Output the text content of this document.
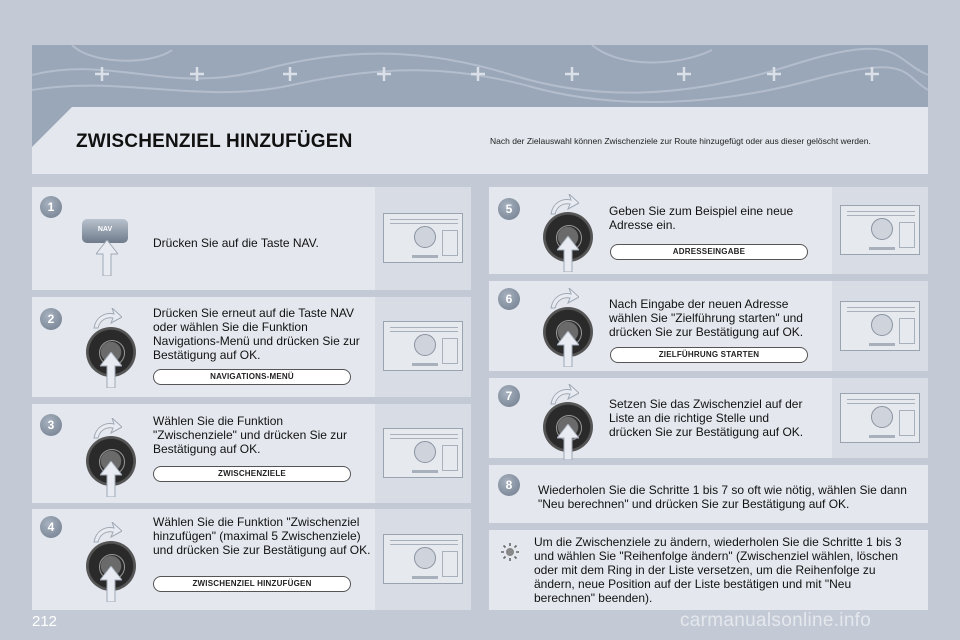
ZWISCHENZIEL HINZUFÜGEN	Nach der Zielauswahl können Zwischenziele zur Route hinzugefügt oder aus dieser gelöscht werden.
1
NAV
Drücken Sie auf die Taste NAV.
2	Drücken Sie erneut auf die Taste NAV oder wählen Sie die Funktion Navigations-Menü und drücken Sie zur Bestätigung auf OK.
NAVIGATIONS-MENÜ
3	Wählen Sie die Funktion "Zwischenziele" und drücken Sie zur Bestätigung auf OK.
ZWISCHENZIELE
4	Wählen Sie die Funktion "Zwischenziel hinzufügen" (maximal 5 Zwischenziele) und drücken Sie zur Bestätigung auf OK.
ZWISCHENZIEL HINZUFÜGEN
5	Geben Sie zum Beispiel eine neue Adresse ein.
ADRESSEINGABE
6	Nach Eingabe der neuen Adresse wählen Sie "Zielführung starten" und drücken Sie zur Bestätigung auf OK.
ZIELFÜHRUNG STARTEN
7
Setzen Sie das Zwischenziel auf der Liste an die richtige Stelle und drücken Sie zur Bestätigung auf OK.
8	Wiederholen Sie die Schritte 1 bis 7 so oft wie nötig, wählen Sie dann "Neu berechnen" und drücken Sie zur Bestätigung auf OK.
Um die Zwischenziele zu ändern, wiederholen Sie die Schritte 1 bis 3 und wählen Sie "Reihenfolge ändern" (Zwischenziel wählen, löschen oder mit dem Ring in der Liste versetzen, um die Reihenfolge zu ändern, neue Position auf der Liste bestätigen und mit "Neu berechnen" beenden).
212	carmanualsonline.info
